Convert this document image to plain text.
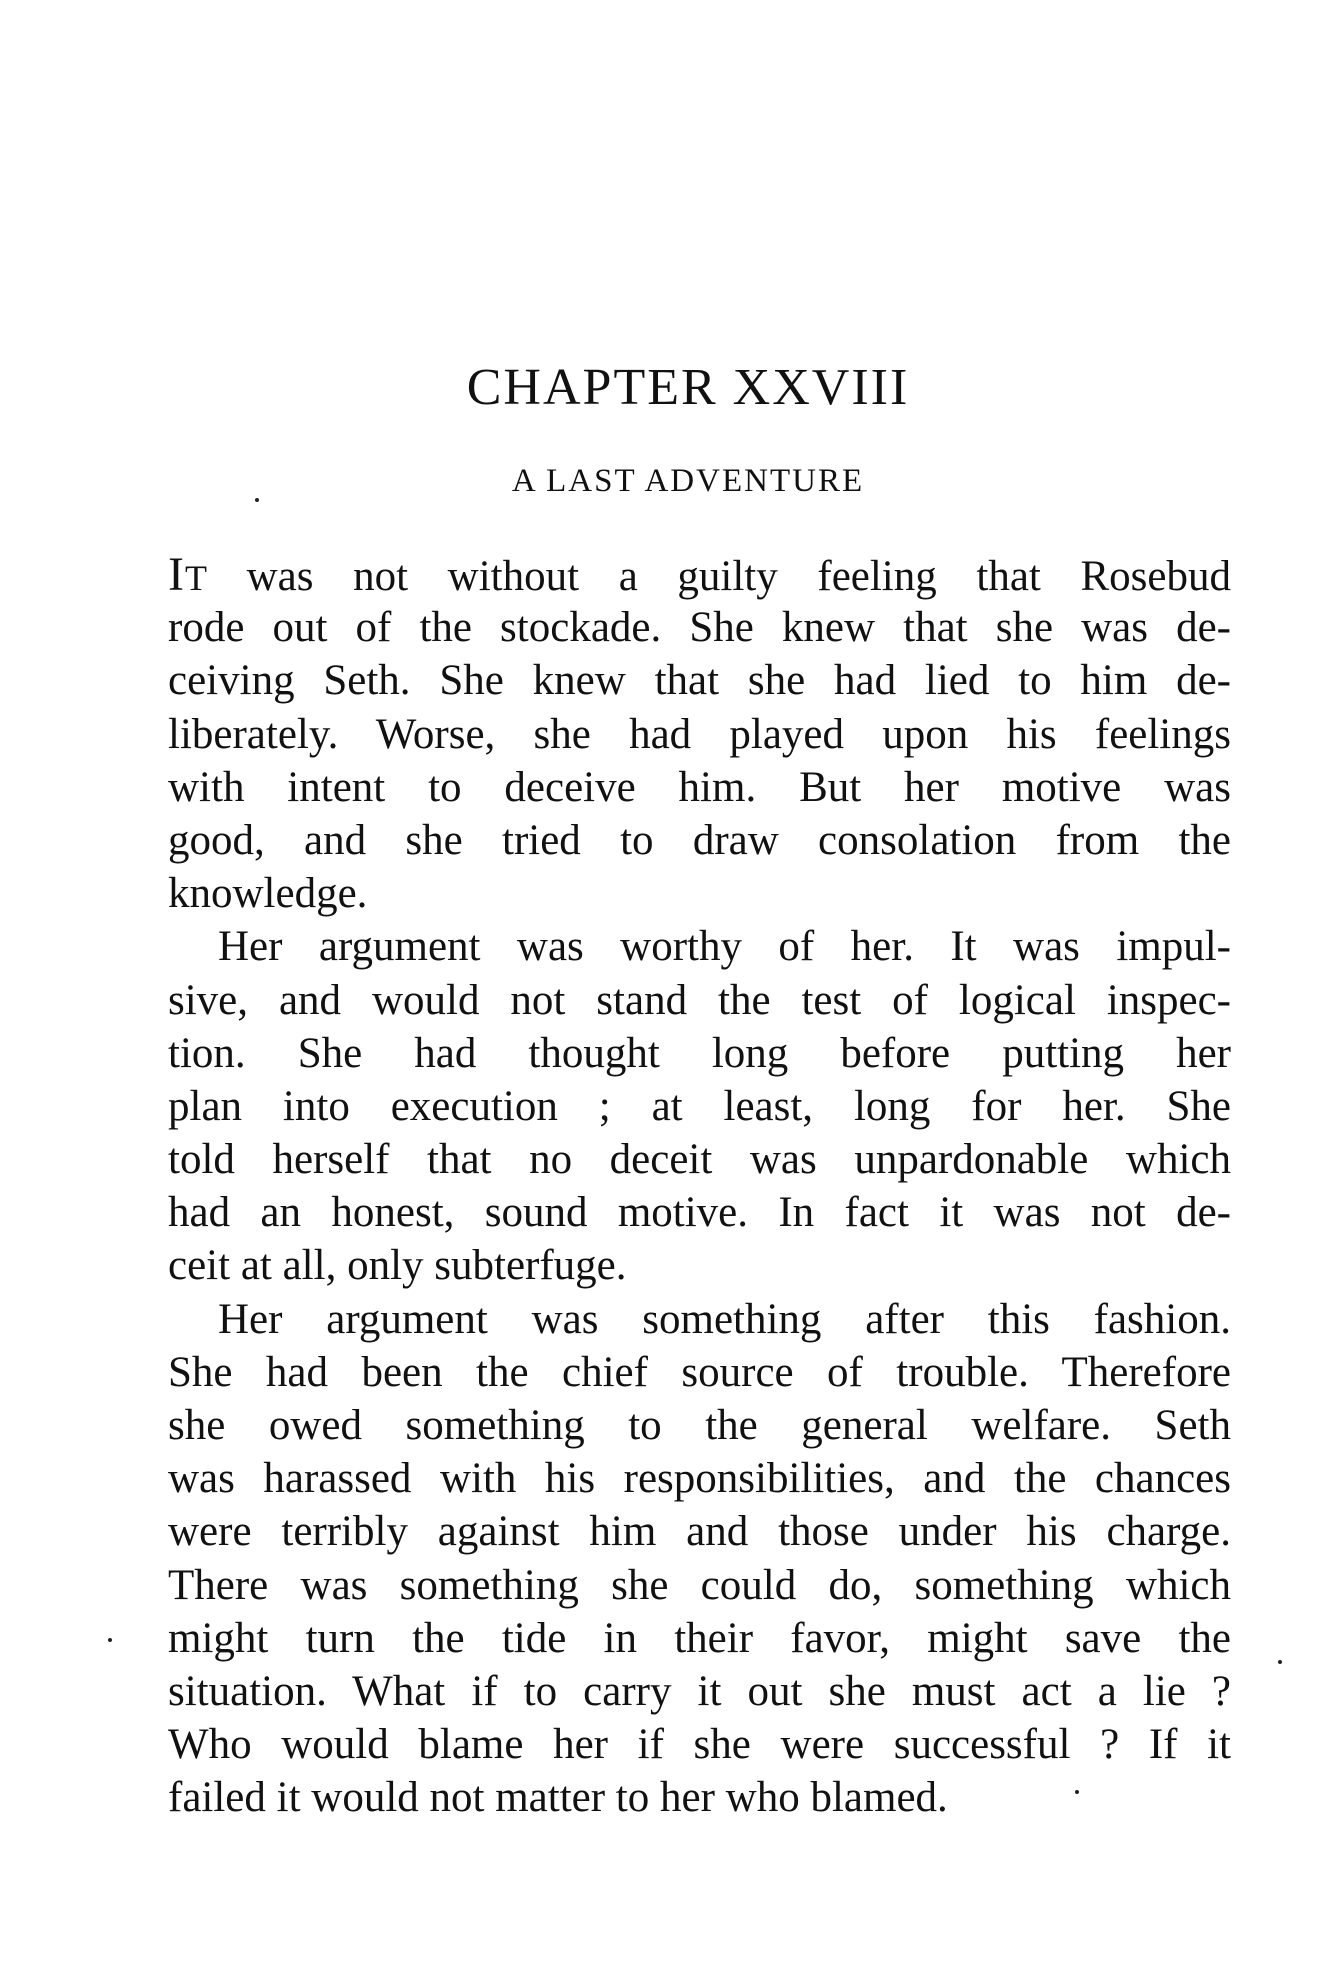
CHAPTER XXVIII
A LAST ADVENTURE
IT was not without a guilty feeling that Rosebud
rode out of the stockade. She knew that she was de-
ceiving Seth. She knew that she had lied to him de-
liberately. Worse, she had played upon his feelings
with intent to deceive him. But her motive was
good, and she tried to draw consolation from the
knowledge.
Her argument was worthy of her. It was impul-
sive, and would not stand the test of logical inspec-
tion. She had thought long before putting her
plan into execution ; at least, long for her. She
told herself that no deceit was unpardonable which
had an honest, sound motive. In fact it was not de-
ceit at all, only subterfuge.
Her argument was something after this fashion.
She had been the chief source of trouble. Therefore
she owed something to the general welfare. Seth
was harassed with his responsibilities, and the chances
were terribly against him and those under his charge.
There was something she could do, something which
might turn the tide in their favor, might save the
situation. What if to carry it out she must act a lie ?
Who would blame her if she were successful ? If it
failed it would not matter to her who blamed.
